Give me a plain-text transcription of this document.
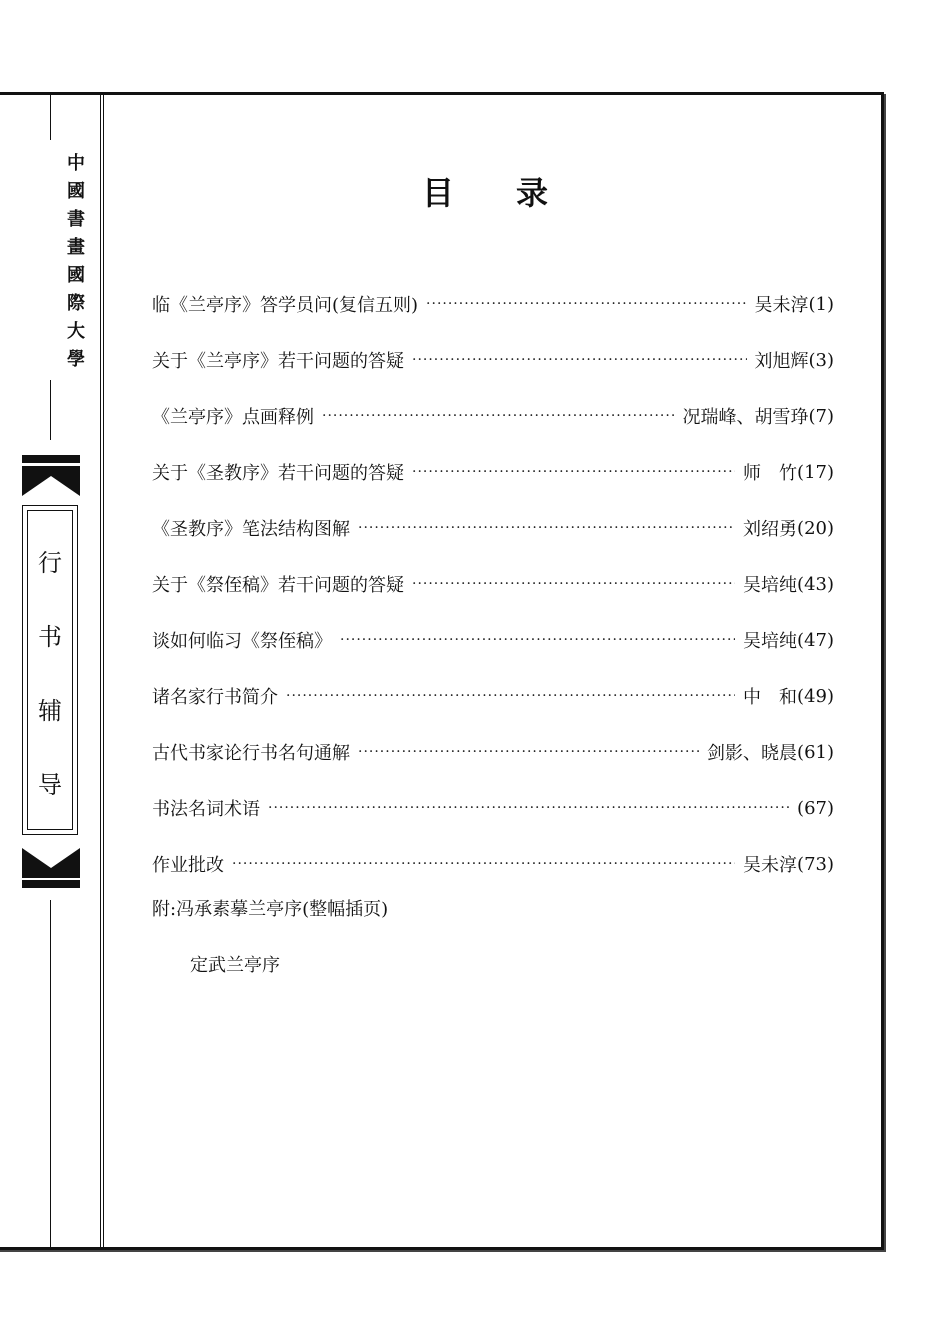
中
國
書
畫
國
際
大
學
行
书
辅
导
目录
临《兰亭序》答学员问(复信五则) ·····	吴未淳 (1)
关于《兰亭序》若干问题的答疑 ·····	刘旭辉 (3)
《兰亭序》点画释例 ·····	况瑞峰、胡雪琤 (7)
关于《圣教序》若干问题的答疑 ·····	师　竹 (17)
《圣教序》笔法结构图解 ·····	刘绍勇 (20)
关于《祭侄稿》若干问题的答疑 ·····	吴培纯 (43)
谈如何临习《祭侄稿》 ·····	吴培纯 (47)
诸名家行书简介 ·····	中　和 (49)
古代书家论行书名句通解 ·····	剑影、晓晨 (61)
书法名词术语 ·····	(67)
作业批改 ·····	吴未淳 (73)
附:冯承素摹兰亭序(整幅插页)
定武兰亭序
